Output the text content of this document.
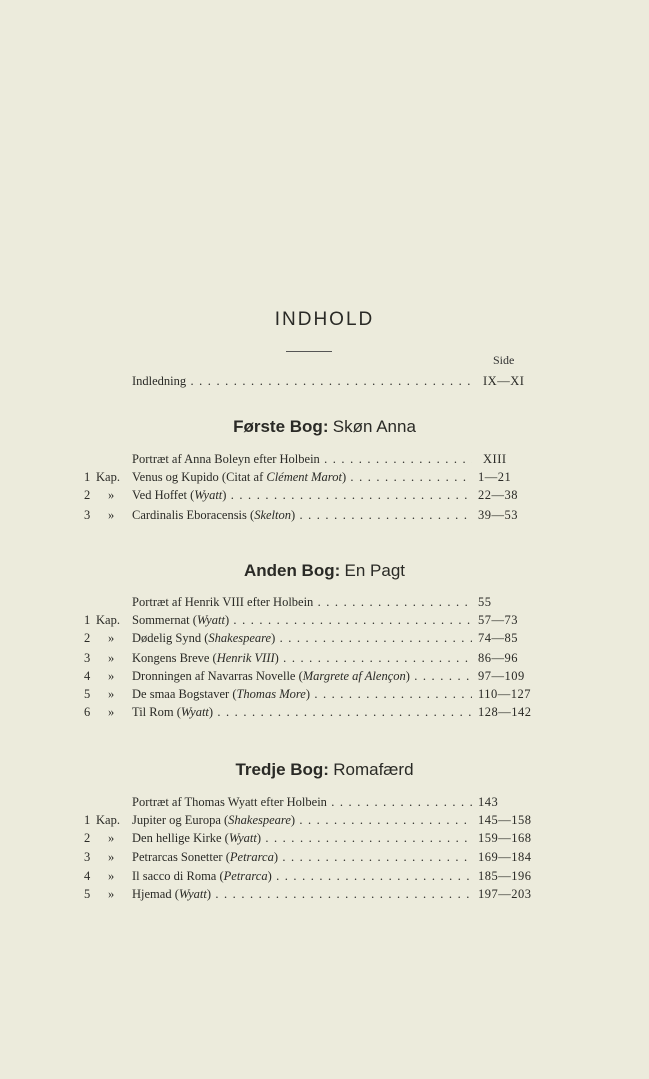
INDHOLD
Side
Indledning . . .	IX—XI
Første Bog: Skøn Anna
Portræt af Anna Boleyn efter Holbein . . .	XIII
1 Kap. Venus og Kupido (Citat af Clément Marot) . . .	1—21
2	» Ved Hoffet (Wyatt) . . .	22—38
3	» Cardinalis Eboracensis (Skelton) . . .	39—53
Anden Bog: En Pagt
Portræt af Henrik VIII efter Holbein . . .	55
1 Kap. Sommernat (Wyatt) . . .	57—73
2	» Dødelig Synd (Shakespeare) . . .	74—85
3	» Kongens Breve (Henrik VIII) . . .	86—96
4	» Dronningen af Navarras Novelle (Margrete af Alençon) . . .	97—109
5	» De smaa Bogstaver (Thomas More) . . .	110—127
6	» Til Rom (Wyatt) . . .	128—142
Tredje Bog: Romafærd
Portræt af Thomas Wyatt efter Holbein . . .	143
1 Kap. Jupiter og Europa (Shakespeare) . . .	145—158
2	» Den hellige Kirke (Wyatt) . . .	159—168
3	» Petrarcas Sonetter (Petrarca) . . .	169—184
4	» Il sacco di Roma (Petrarca) . . .	185—196
5	» Hjemad (Wyatt) . . .	197—203
